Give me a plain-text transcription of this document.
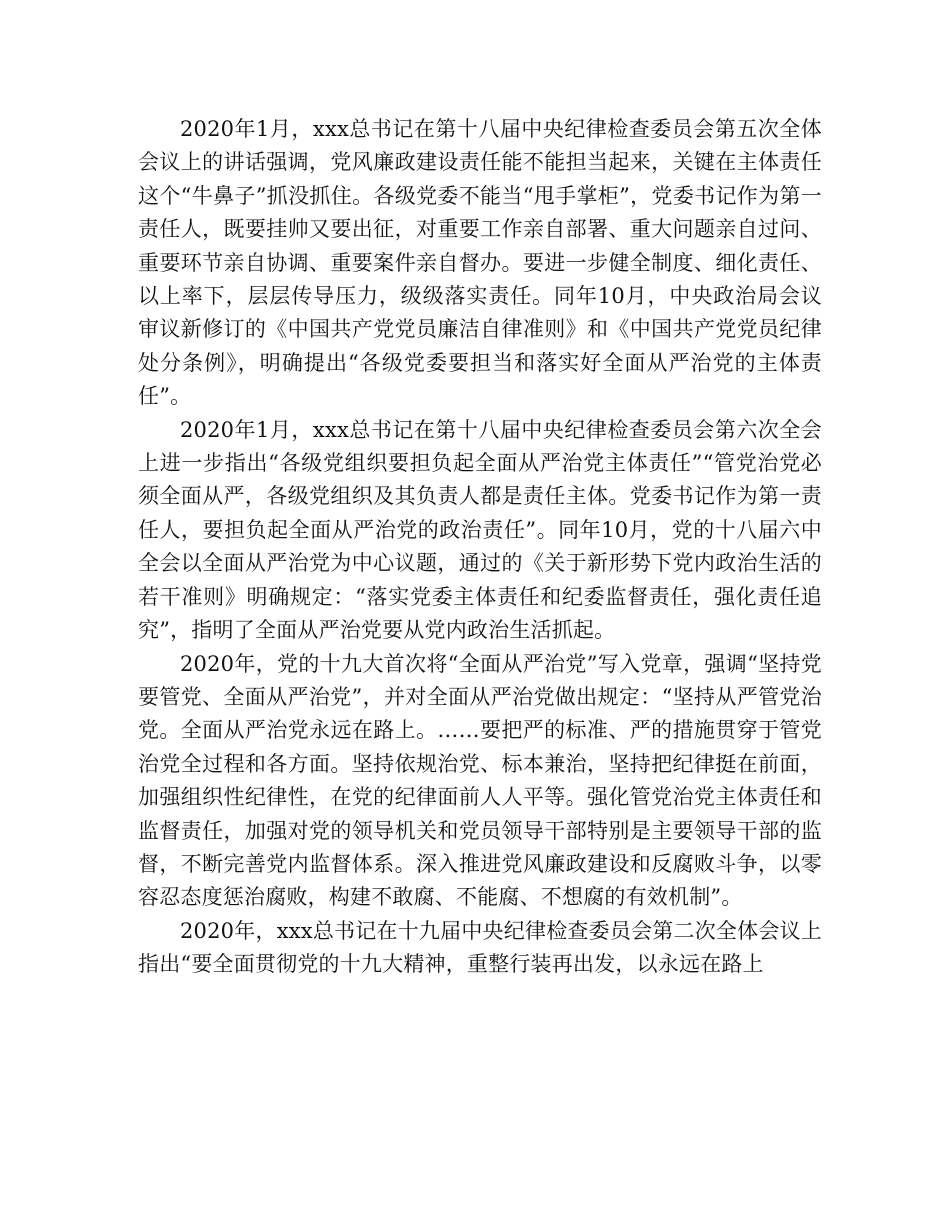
2020年1月，xxx总书记在第十八届中央纪律检查委员会第五次全体会议上的讲话强调，党风廉政建设责任能不能担当起来，关键在主体责任这个“牛鼻子”抓没抓住。各级党委不能当“甩手掌柜”，党委书记作为第一责任人，既要挂帅又要出征，对重要工作亲自部署、重大问题亲自过问、重要环节亲自协调、重要案件亲自督办。要进一步健全制度、细化责任、以上率下，层层传导压力，级级落实责任。同年10月，中央政治局会议审议新修订的《中国共产党党员廉洁自律准则》和《中国共产党党员纪律处分条例》，明确提出“各级党委要担当和落实好全面从严治党的主体责任”。

2020年1月，xxx总书记在第十八届中央纪律检查委员会第六次全会上进一步指出“各级党组织要担负起全面从严治党主体责任”“管党治党必须全面从严，各级党组织及其负责人都是责任主体。党委书记作为第一责任人，要担负起全面从严治党的政治责任”。同年10月，党的十八届六中全会以全面从严治党为中心议题，通过的《关于新形势下党内政治生活的若干准则》明确规定：“落实党委主体责任和纪委监督责任，强化责任追究”，指明了全面从严治党要从党内政治生活抓起。

2020年，党的十九大首次将“全面从严治党”写入党章，强调“坚持党要管党、全面从严治党”，并对全面从严治党做出规定：“坚持从严管党治党。全面从严治党永远在路上。……要把严的标准、严的措施贯穿于管党治党全过程和各方面。坚持依规治党、标本兼治，坚持把纪律挺在前面，加强组织性纪律性，在党的纪律面前人人平等。强化管党治党主体责任和监督责任，加强对党的领导机关和党员领导干部特别是主要领导干部的监督，不断完善党内监督体系。深入推进党风廉政建设和反腐败斗争，以零容忍态度惩治腐败，构建不敢腐、不能腐、不想腐的有效机制”。

2020年，xxx总书记在十九届中央纪律检查委员会第二次全体会议上指出“要全面贯彻党的十九大精神，重整行装再出发，以永远在路上
